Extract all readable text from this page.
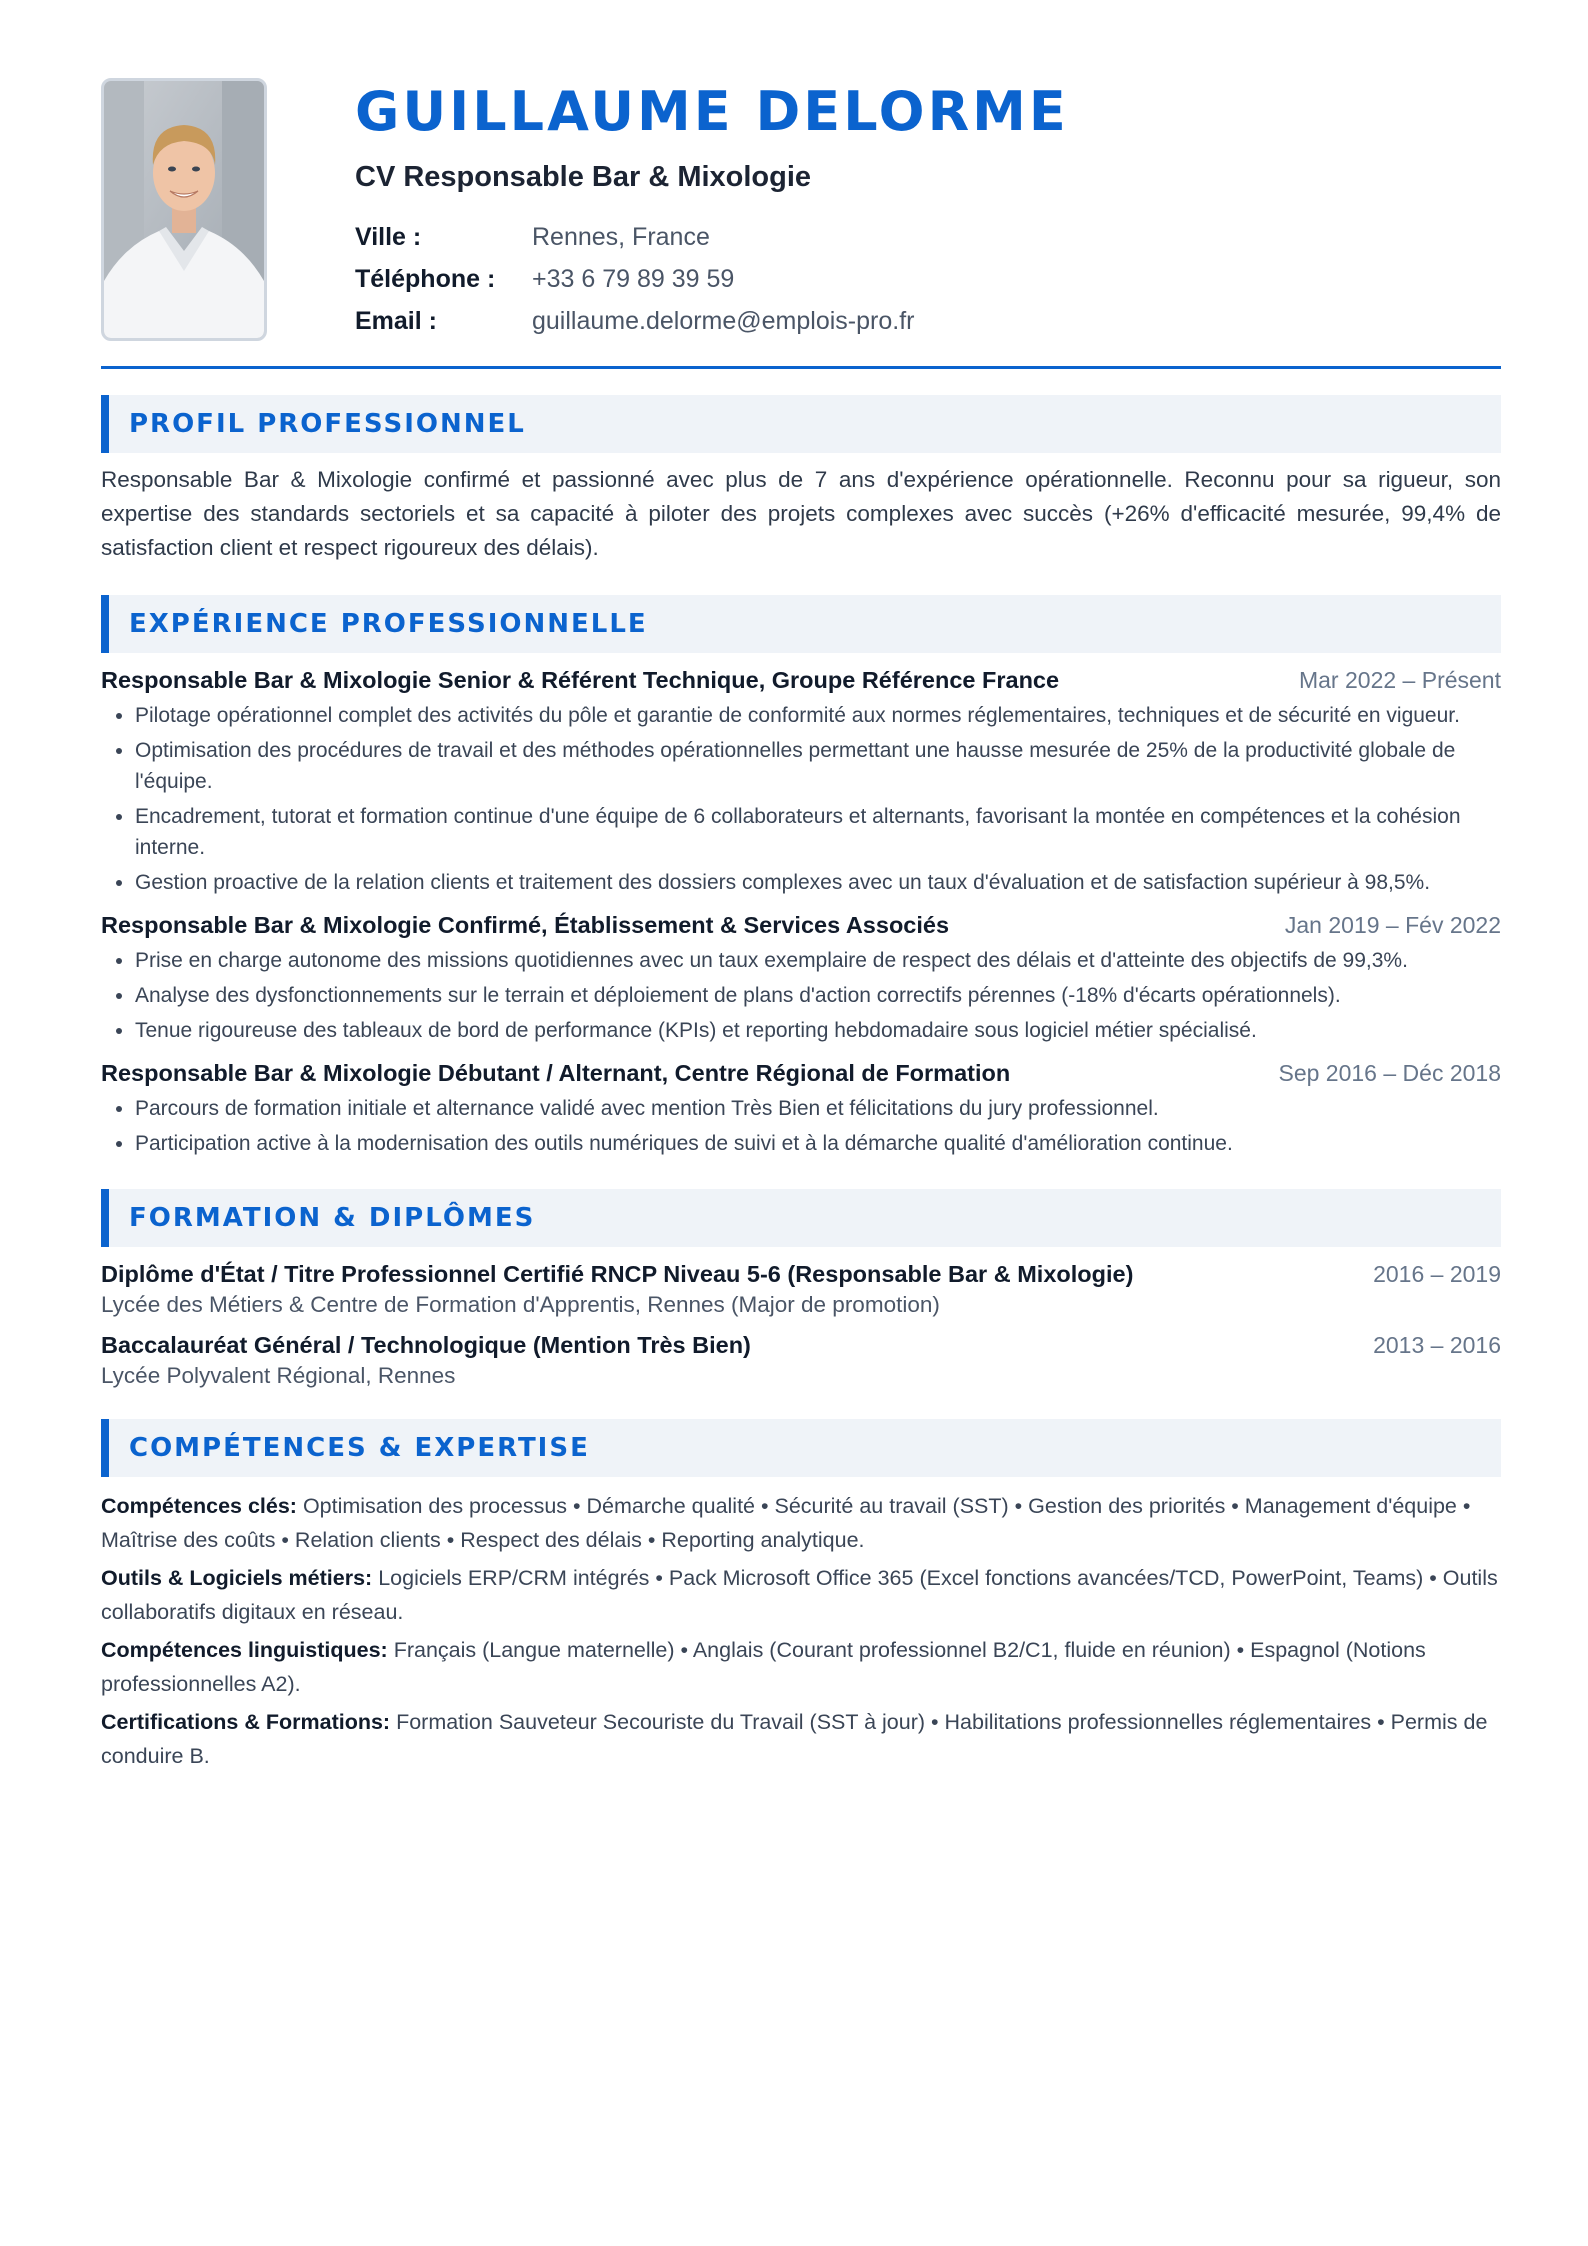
GUILLAUME DELORME
CV Responsable Bar & Mixologie
Ville :	Rennes, France
Téléphone :	+33 6 79 89 39 59
Email :	guillaume.delorme@emplois-pro.fr
PROFIL PROFESSIONNEL

Responsable Bar & Mixologie confirmé et passionné avec plus de 7 ans d'expérience opérationnelle. Reconnu pour sa rigueur, son expertise des standards sectoriels et sa capacité à piloter des projets complexes avec succès (+26% d'efficacité mesurée, 99,4% de satisfaction client et respect rigoureux des délais).

EXPÉRIENCE PROFESSIONNELLE
Responsable Bar & Mixologie Senior & Référent Technique, Groupe Référence France	Mar 2022 – Présent
• Pilotage opérationnel complet des activités du pôle et garantie de conformité aux normes réglementaires, techniques et de sécurité en vigueur.
• Optimisation des procédures de travail et des méthodes opérationnelles permettant une hausse mesurée de 25% de la productivité globale de l'équipe.
• Encadrement, tutorat et formation continue d'une équipe de 6 collaborateurs et alternants, favorisant la montée en compétences et la cohésion interne.
• Gestion proactive de la relation clients et traitement des dossiers complexes avec un taux d'évaluation et de satisfaction supérieur à 98,5%.
Responsable Bar & Mixologie Confirmé, Établissement & Services Associés	Jan 2019 – Fév 2022
• Prise en charge autonome des missions quotidiennes avec un taux exemplaire de respect des délais et d'atteinte des objectifs de 99,3%.
• Analyse des dysfonctionnements sur le terrain et déploiement de plans d'action correctifs pérennes (-18% d'écarts opérationnels).
• Tenue rigoureuse des tableaux de bord de performance (KPIs) et reporting hebdomadaire sous logiciel métier spécialisé.
Responsable Bar & Mixologie Débutant / Alternant, Centre Régional de Formation	Sep 2016 – Déc 2018
• Parcours de formation initiale et alternance validé avec mention Très Bien et félicitations du jury professionnel.
• Participation active à la modernisation des outils numériques de suivi et à la démarche qualité d'amélioration continue.
FORMATION & DIPLÔMES
Diplôme d'État / Titre Professionnel Certifié RNCP Niveau 5-6 (Responsable Bar & Mixologie)	2016 – 2019
Lycée des Métiers & Centre de Formation d'Apprentis, Rennes (Major de promotion)
Baccalauréat Général / Technologique (Mention Très Bien)	2013 – 2016
Lycée Polyvalent Régional, Rennes
COMPÉTENCES & EXPERTISE
Compétences clés: Optimisation des processus • Démarche qualité • Sécurité au travail (SST) • Gestion des priorités • Management d'équipe • Maîtrise des coûts • Relation clients • Respect des délais • Reporting analytique.
Outils & Logiciels métiers: Logiciels ERP/CRM intégrés • Pack Microsoft Office 365 (Excel fonctions avancées/TCD, PowerPoint, Teams) • Outils collaboratifs digitaux en réseau.
Compétences linguistiques: Français (Langue maternelle) • Anglais (Courant professionnel B2/C1, fluide en réunion) • Espagnol (Notions professionnelles A2).
Certifications & Formations: Formation Sauveteur Secouriste du Travail (SST à jour) • Habilitations professionnelles réglementaires • Permis de conduire B.
